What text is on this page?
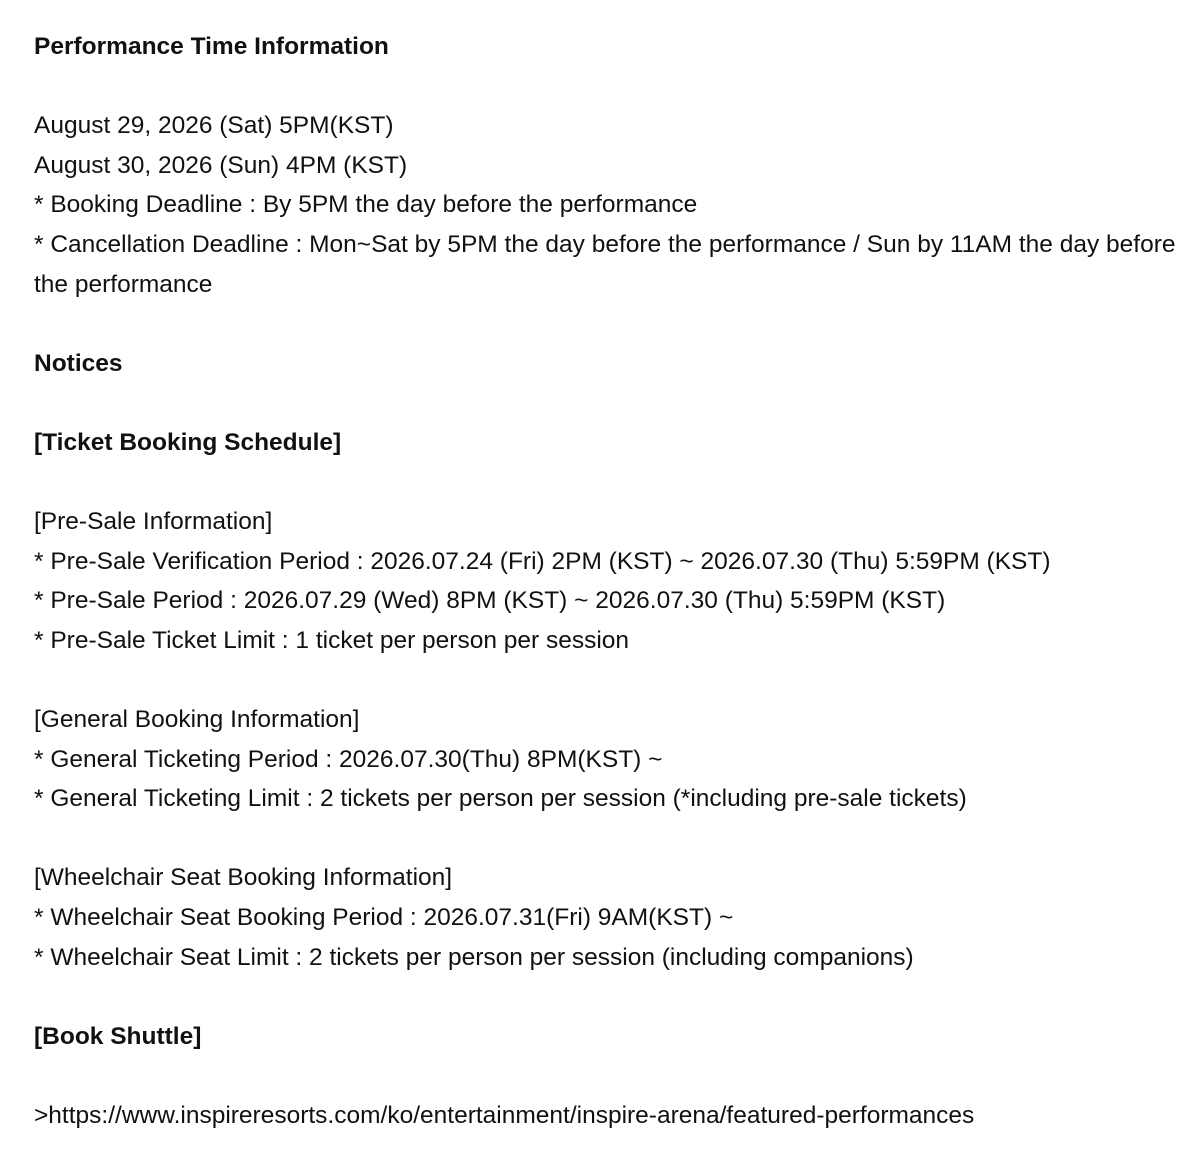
Performance Time Information
August 29, 2026 (Sat) 5PM(KST)
August 30, 2026 (Sun) 4PM (KST)
* Booking Deadline : By 5PM the day before the performance
* Cancellation Deadline : Mon~Sat by 5PM the day before the performance / Sun by 11AM the day before the performance
Notices
[Ticket Booking Schedule]
[Pre-Sale Information]
* Pre-Sale Verification Period : 2026.07.24 (Fri) 2PM (KST) ~ 2026.07.30 (Thu) 5:59PM (KST)
* Pre-Sale Period : 2026.07.29 (Wed) 8PM (KST) ~ 2026.07.30 (Thu) 5:59PM (KST)
* Pre-Sale Ticket Limit : 1 ticket per person per session
[General Booking Information]
* General Ticketing Period : 2026.07.30(Thu) 8PM(KST) ~
* General Ticketing Limit : 2 tickets per person per session (*including pre-sale tickets)
[Wheelchair Seat Booking Information]
* Wheelchair Seat Booking Period : 2026.07.31(Fri) 9AM(KST) ~
* Wheelchair Seat Limit : 2 tickets per person per session (including companions)
[Book Shuttle]
>https://www.inspireresorts.com/ko/entertainment/inspire-arena/featured-performances
